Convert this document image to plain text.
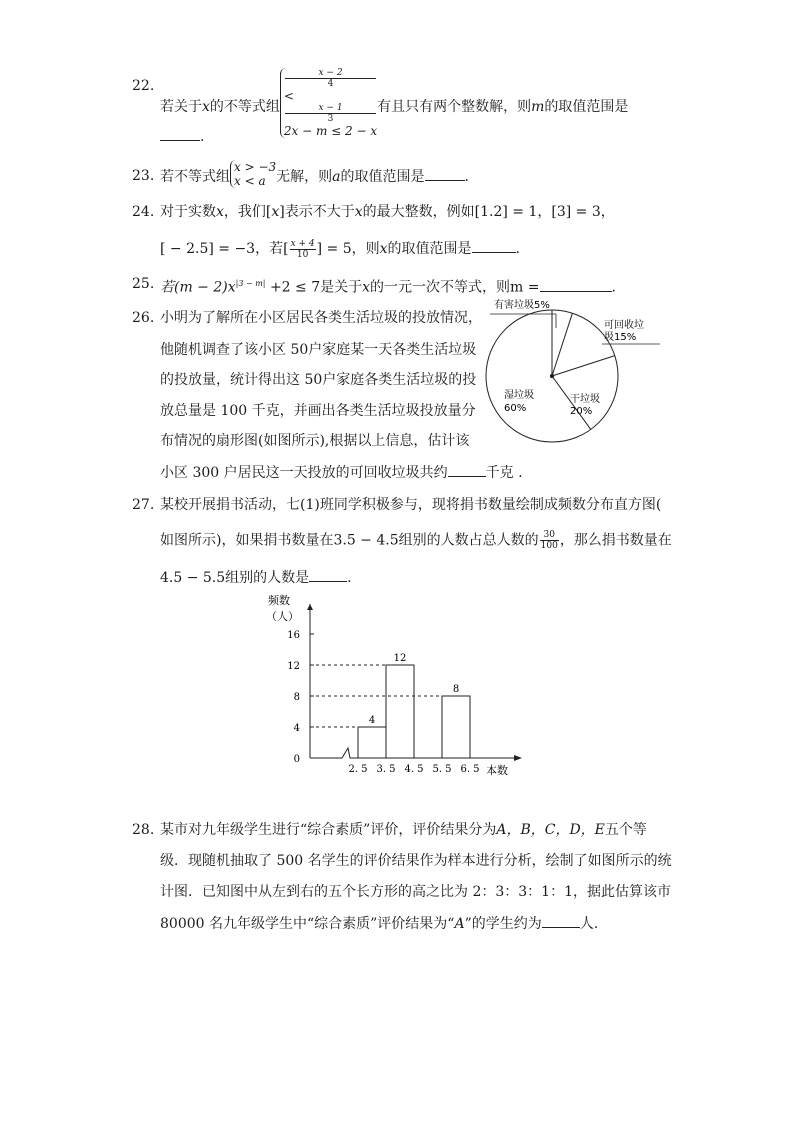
22.
若关于x的不等式组
x − 2
4
<
x − 1
3
2x − m ≤ 2 − x
有且只有两个整数解，则m的取值范围是
.
23. 若不等式组
x > −3
x < a 无解，则a的取值范围是	.
24. 对于实数x，我们[x]表示不大于x的最大整数，例如[1.2] = 1，[3] = 3，
[ − 2.5] = −3，若[ $\frac{x + 4}{10}$ ] = 5，则x的取值范围是	.
25. 若$(m - 2)x^{|3 - m|} +2 \le 7$是关于x的一元一次不等式，则m =	.
26. 小明为了解所在小区居民各类生活垃圾的投放情况，
他随机调查了该小区 50户家庭某一天各类生活垃圾
的投放量，统计得出这 50户家庭各类生活垃圾的投
放总量是 100 千克，并画出各类生活垃圾投放量分
布情况的扇形图(如图所示),根据以上信息，估计该
小区 300 户居民这一天投放的可回收垃圾共约	千克 .
有害垃圾5%
可回收垃
圾15%
干垃圾
20%
湿垃圾
60%
27. 某校开展捐书活动，七(1)班同学积极参与，现将捐书数量绘制成频数分布直方图(
如图所示)，如果捐书数量在3.5 − 4.5组别的人数占总人数的 $\frac{30}{100}$ ，那么捐书数量在
4.5 − 5.5组别的人数是	.
频数
（人）
本数
4
12
8
0
4
8
12
16
2. 5 3. 5 4. 5 5. 5 6. 5
28. 某市对九年级学生进行“综合素质”评价，评价结果分为A，B，C，D，E五个等
级．现随机抽取了 500 名学生的评价结果作为样本进行分析，绘制了如图所示的统
计图．已知图中从左到右的五个长方形的高之比为 2：3：3：1：1，据此估算该市
80000 名九年级学生中“综合素质”评价结果为“A”的学生约为	人.
